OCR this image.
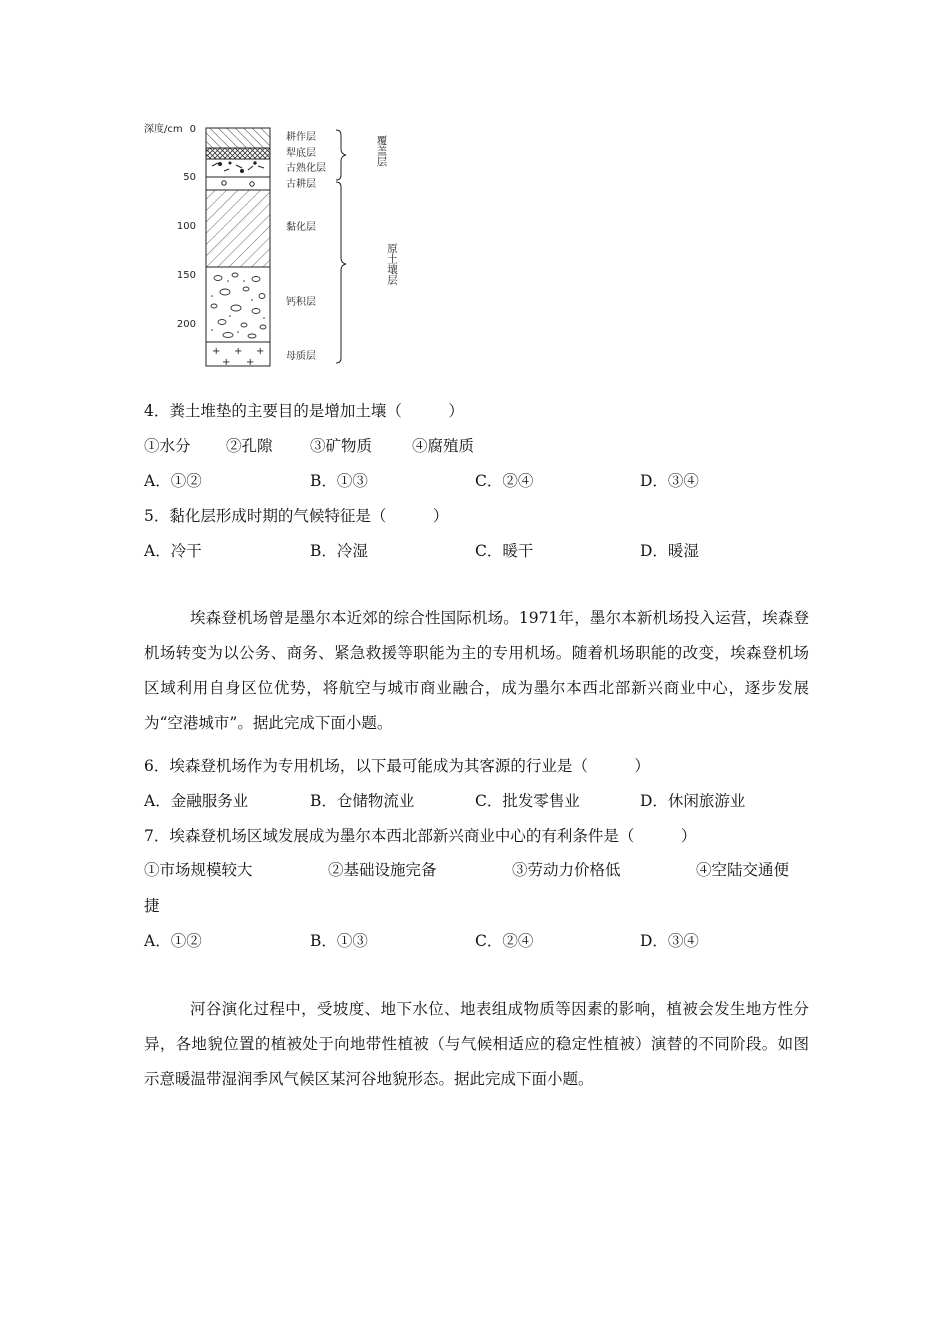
深度/cm 0
50
100
150
200
+ + +
+ +
耕作层
犁底层
古熟化层
古耕层
黏化层
钙积层
母质层
覆盖层
原土壤层
4．粪土堆垫的主要目的是增加土壤（　　　）
①水分 ②孔隙 ③矿物质	④腐殖质
A．①②	B．①③	C．②④	D．③④
5．黏化层形成时期的气候特征是（　　　）
A．冷干	B．冷湿	C．暖干	D．暖湿
埃森登机场曾是墨尔本近郊的综合性国际机场。1971年，墨尔本新机场投入运营，埃森登机场转变为以公务、商务、紧急救援等职能为主的专用机场。随着机场职能的改变，埃森登机场区域利用自身区位优势，将航空与城市商业融合，成为墨尔本西北部新兴商业中心，逐步发展为“空港城市”。据此完成下面小题。
6．埃森登机场作为专用机场，以下最可能成为其客源的行业是（　　　）
A．金融服务业	B．仓储物流业	C．批发零售业	D．休闲旅游业
7．埃森登机场区域发展成为墨尔本西北部新兴商业中心的有利条件是（　　　）
①市场规模较大	②基础设施完备	③劳动力价格低	④空陆交通便
捷
A．①②	B．①③	C．②④	D．③④
河谷演化过程中，受坡度、地下水位、地表组成物质等因素的影响，植被会发生地方性分异，各地貌位置的植被处于向地带性植被（与气候相适应的稳定性植被）演替的不同阶段。如图示意暖温带湿润季风气候区某河谷地貌形态。据此完成下面小题。
